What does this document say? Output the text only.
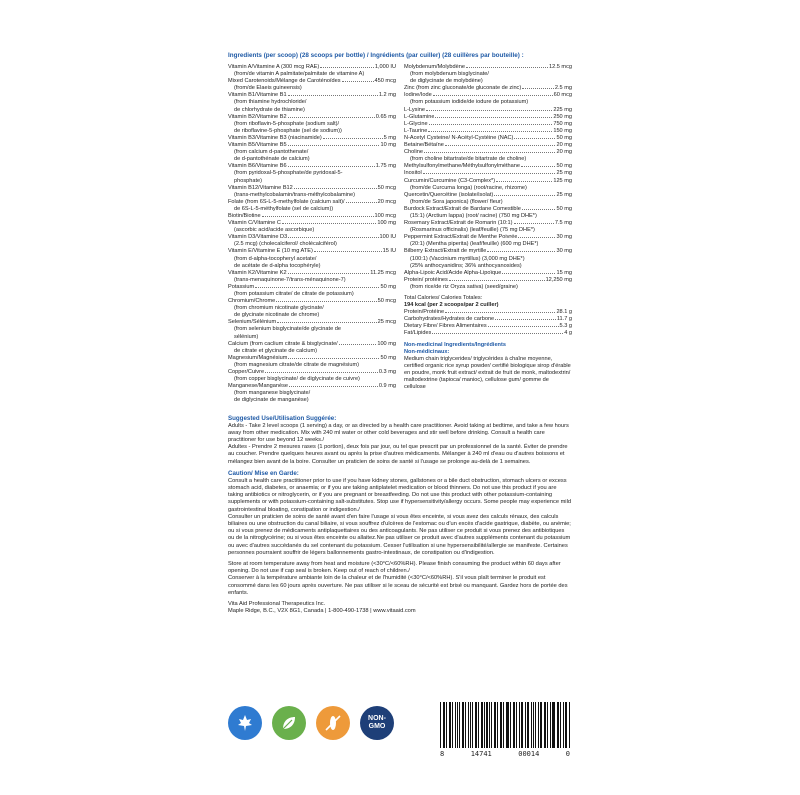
Ingredients (per scoop) (28 scoops per bottle) / Ingrédients (par cuiller) (28 cuillères par bouteille) :
Vitamin A/Vitamine A (300 mcg RAE)	1,000 IU
(from/de vitamin A palmitate/palmitate de vitamine A)
Mixed Carotenoids/Mélange de Caroténoïdes	450 mcg
(from/de Elaeis guineensis)
Vitamin B1/Vitamine B1	1.2 mg
(from thiamine hydrochloride/
de chlorhydrate de thiamine)
Vitamin B2/Vitamine B2	0.65 mg
(from riboflavin-5-phosphate (sodium salt)/
de riboflavine-5-phosphate (sel de sodium))
Vitamin B3/Vitamine B3 (niacinamide)	5 mg
Vitamin B5/Vitamine B5	10 mg
(from calcium d-pantothenate/
de d-pantothénate de calcium)
Vitamin B6/Vitamine B6	1.75 mg
(from pyridoxal-5-phosphate/de pyridoxal-5-
phosphate)
Vitamin B12/Vitamine B12	50 mcg
(trans-methylcobalamin/trans-méthylcobalamine)
Folate (from 6S-L-5-methylfolate (calcium salt)/	20 mcg
de 6S-L-5-méthylfolate (sel de calcium))
Biotin/Biotine	100 mcg
Vitamin C/Vitamine C	100 mg
(ascorbic acid/acide ascorbique)
Vitamin D3/Vitamine D3	100 IU
(2.5 mcg) (cholecalciferol/ cholécalciférol)
Vitamin E/Vitamine E (10 mg ATE)	15 IU
(from d-alpha-tocopheryl acetate/
de acétate de d-alpha tocophéryle)
Vitamin K2/Vitamine K2	11.25 mcg
(trans-menaquinone-7/trans-ménaquinone-7)
Potassium	50 mg
(from potassium citrate/ de citrate de potassium)
Chromium/Chrome	50 mcg
(from chromium nicotinate glycinate/
de glycinate nicotinate de chrome)
Selenium/Sélénium	25 mcg
(from selenium bisglycinate/de glycinate de
sélénium)
Calcium (from caclium citrate & bisglycinate/	100 mg
de citrate et glycinate de calcium)
Magnesium/Magnésium	50 mg
(from magnesium citrate/de citrate de magnésium)
Copper/Cuivre	0.3 mg
(from copper bisglycinate/ de diglycinate de cuivre)
Manganese/Manganèse	0.9 mg
(from manganese bisglycinate/
de diglycinate de manganèse)
Molybdenum/Molybdène	12.5 mcg
(from molybdenum bisglycinate/
de diglycinate de molybdène)
Zinc (from zinc gluconate/de gluconate de zinc)	2.5 mg
Iodine/Iode	60 mcg
(from potassium iodide/de iodure de potassium)
L-Lysine	225 mg
L-Glutamine	250 mg
L-Glycine	750 mg
L-Taurine	150 mg
N-Acetyl Cysteine/ N-Acétyl-Cystéine (NAC)	50 mg
Betaine/Bétaïne	20 mg
Choline	20 mg
(from choline bitartrate/de bitartrate de choline)
Methylsulfonylmethane/Méthylsulfonylméthane	50 mg
Inositol	25 mg
Curcumin/Curcumine (C3-Complex*)	125 mg
(from/de Curcuma longa) (root/racine, rhizome)
Quercetin/Quercétine (isolate/isolat)	25 mg
(from/de Sora japonica) (flower/ fleur)
Burdock Extract/Extrait de Bardane Comestible	50 mg
(15:1) (Arctium lappa) (root/ racine) (750 mg DHE*)
Rosemary Extract/Extrait de Romarin (10:1)	7.5 mg
(Rosmarinus officinalis) (leaf/feuille) (75 mg DHE*)
Peppermint Extract/Extrait de Menthe Poivrée	30 mg
(20:1) (Mentha piperita) (leaf/feuille) (600 mg DHE*)
Bilberry Extract/Extrait de myrtille	30 mg
(100:1) (Vaccinium myrtillus) (3,000 mg DHE*)
(25% anthocyanidins; 36% anthocyanosides)
Alpha-Lipoic Acid/Acide Alpha-Lipoïque	15 mg
Protein/ protéines	12,250 mg
(from rice/de riz Oryza sativa) (seed/graine)
Total Calories/ Calories Totales:
194 kcal (per 2 scoops/par 2 cuiller)
Protein/Protéine	28.1 g
Carbohydrates/Hydrates de carbone	11.7 g
Dietary Fibre/ Fibres Alimentaires	5.3 g
Fat/Lipides	4 g
Non-medicinal Ingredients/Ingrédients
Non-médicinaux:
Medium chain triglycerides/ triglycérides à chaîne moyenne, certified organic rice syrup powder/ certifié biologique sirop d'érable en poudre, monk fruit extract/ extrait de fruit de monk, maltodextrin/ maltodextrine (tapioca/ manioc), cellulose gum/ gomme de cellulose
Suggested Use/Utilisation Suggérée:
Adults - Take 2 level scoops (1 serving) a day, or as directed by a health care practitioner. Avoid taking at bedtime, and take a few hours away from other medication. Mix with 240 ml water or other cold beverages and stir well before drinking. Consult a health care practitioner for use beyond 12 weeks./
Adultes - Prendre 2 mesures rases (1 portion), deux fois par jour, ou tel que prescrit par un professionnel de la santé. Éviter de prendre au coucher. Prendre quelques heures avant ou après la prise d'autres médicaments. Mélanger à 240 ml d'eau ou d'autres boissons et mélangez bien avant de la boire. Consulter un praticien de soins de santé si l'usage se prolonge au-delà de 1 semaines.
Caution/ Mise en Garde:
Consult a health care practitioner prior to use if you have kidney stones, gallstones or a bile duct obstruction, stomach ulcers or excess stomach acid, diabetes, or anaemia; or if you are taking antiplatelet medication or blood thinners. Do not use this product if you are taking antibiotics or nitroglycerin, or if you are pregnant or breastfeeding. Do not use this product with other potassium-containing supplements or with potassium-containing salt-substitutes. Stop use if hypersensitivity/allergy occurs. Some people may experience mild gastrointestinal bloating, constipation or indigestion./
Consulter un praticien de soins de santé avant d'en faire l'usage si vous êtes enceinte, si vous avez des calculs rénaux, des calculs biliaires ou une obstruction du canal biliaire, si vous souffrez d'ulcères de l'estomac ou d'un excès d'acide gastrique, diabète, ou anémie; ou si vous prenez de médicaments antiplaquettaires ou des anticoagulants. Ne pas utiliser ce produit si vous prenez des antibiotiques ou de la nitroglycérine; ou si vous êtes enceinte ou allaitez.Ne pas utiliser ce produit avec d'autres suppléments contenant du potassium ou avec d'autres succédanés du sel contenant du potassium. Cesser l'utilisation si une hypersensibilité/allergie se manifeste. Certaines personnes pourraient souffrir de légers ballonnements gastro-intestinaux, de constipation ou d'indigestion.
Store at room temperature away from heat and moisture (<30°C/<60%RH). Please finish consuming the product within 60 days after opening. Do not use if cap seal is broken. Keep out of reach of children./
Conserver à la température ambiante loin de la chaleur et de l'humidité (<30°C/<60%RH). S'il vous plaît terminer le produit est consommé dans les 60 jours après ouverture. Ne pas utiliser si le sceau de sécurité est brisé ou manquant. Gardez hors de portée des enfants.
Vita Aid Professional Therapeutics Inc.
Maple Ridge, B.C., V2X 8G1, Canada | 1-800-490-1738 | www.vitaaid.com
NON- GMO
8	14741	00014	0
